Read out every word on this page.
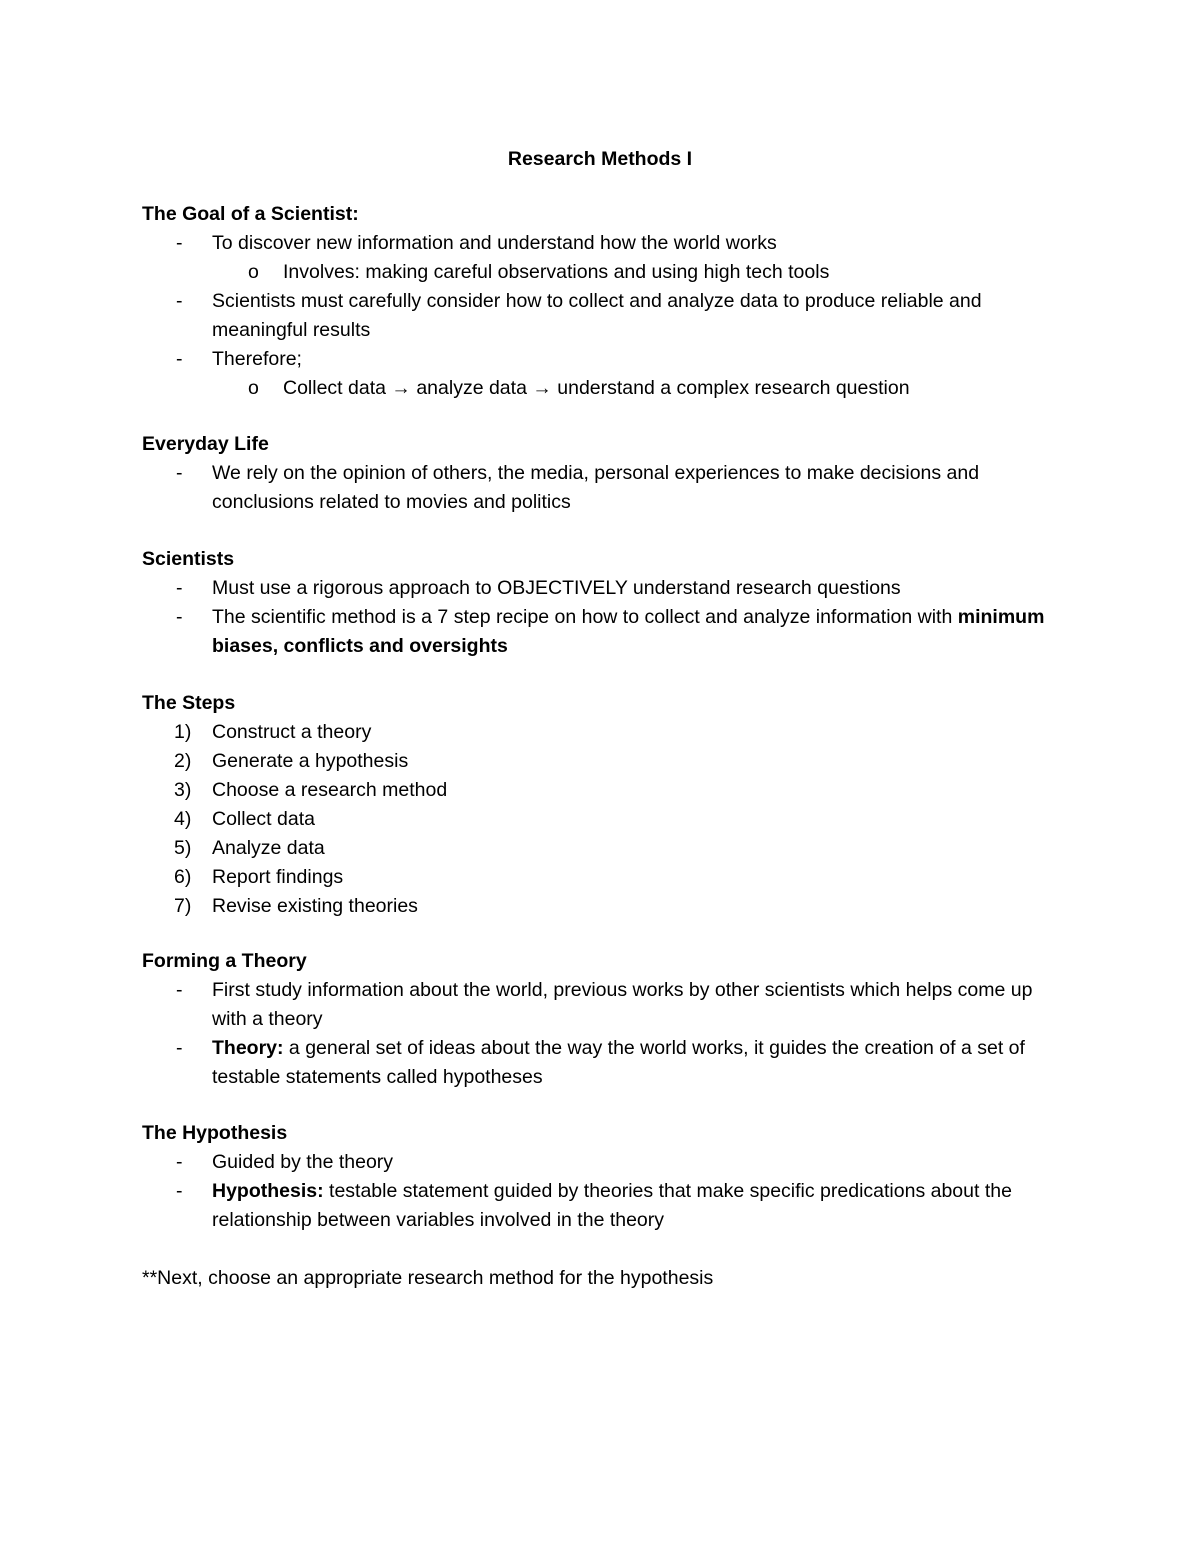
Research Methods I
The Goal of a Scientist:
- To discover new information and understand how the world works
o Involves: making careful observations and using high tech tools
- Scientists must carefully consider how to collect and analyze data to produce reliable and meaningful results
- Therefore;
o Collect data → analyze data → understand a complex research question
Everyday Life
- We rely on the opinion of others, the media, personal experiences to make decisions and conclusions related to movies and politics
Scientists
- Must use a rigorous approach to OBJECTIVELY understand research questions
- The scientific method is a 7 step recipe on how to collect and analyze information with minimum biases, conflicts and oversights
The Steps
1) Construct a theory
2) Generate a hypothesis
3) Choose a research method
4) Collect data
5) Analyze data
6) Report findings
7) Revise existing theories
Forming a Theory
- First study information about the world, previous works by other scientists which helps come up with a theory
- Theory: a general set of ideas about the way the world works, it guides the creation of a set of testable statements called hypotheses
The Hypothesis
- Guided by the theory
- Hypothesis: testable statement guided by theories that make specific predications about the relationship between variables involved in the theory
**Next, choose an appropriate research method for the hypothesis
